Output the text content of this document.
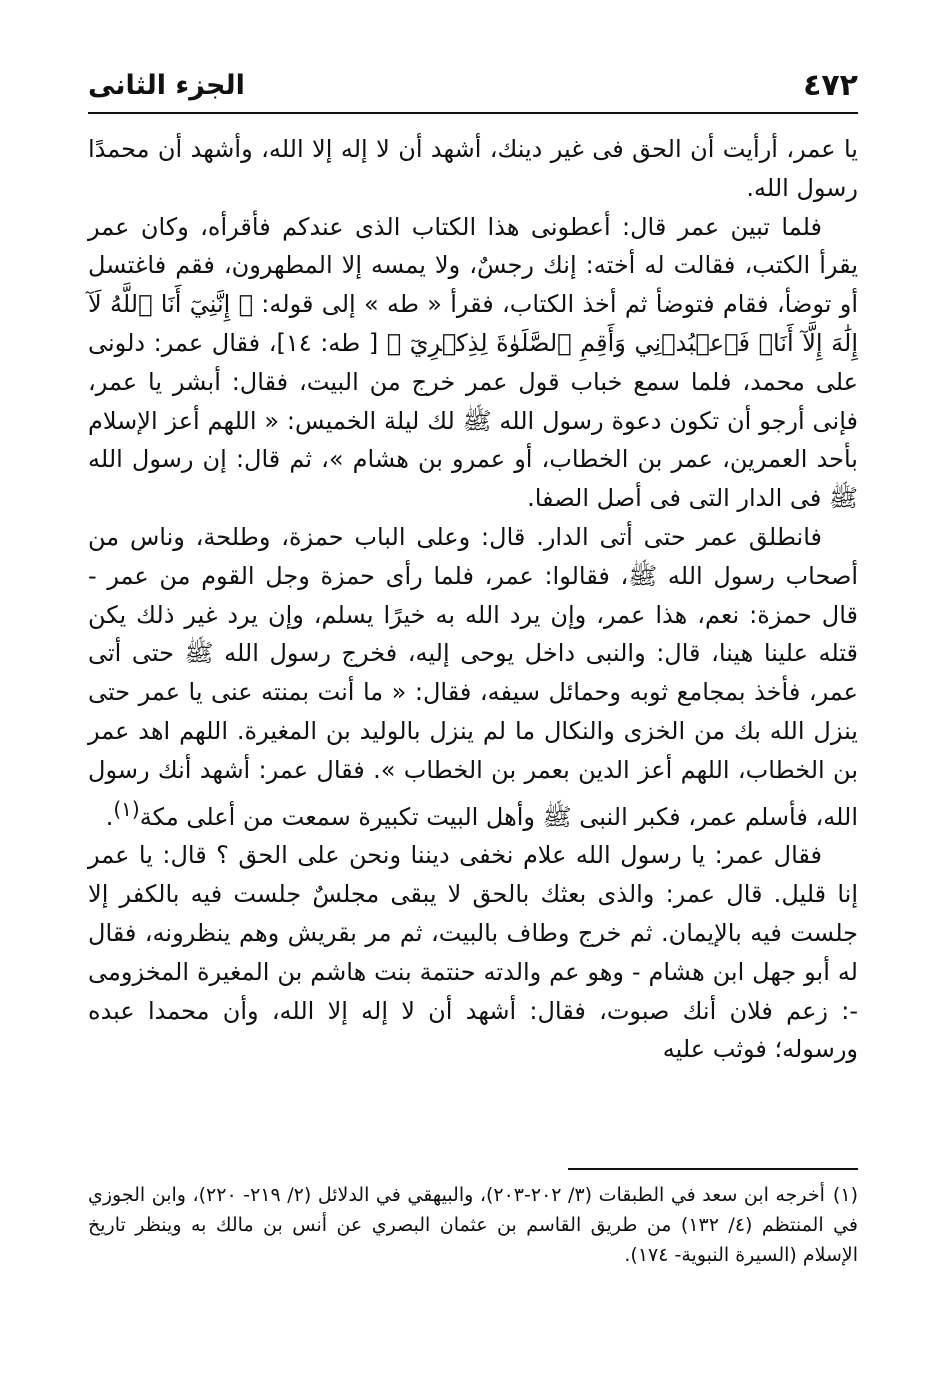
٤٧٢
الجزء الثانى

يا عمر، أرأيت أن الحق فى غير دينك، أشهد أن لا إله إلا الله، وأشهد أن محمدًا رسول الله.

فلما تبين عمر قال: أعطونى هذا الكتاب الذى عندكم فأقرأه، وكان عمر يقرأ الكتب، فقالت له أخته: إنك رجسٌ، ولا يمسه إلا المطهرون، فقم فاغتسل أو توضأ، فقام فتوضأ ثم أخذ الكتاب، فقرأ « طه » إلى قوله: ﴿ إِنَّنِيٓ أَنَا ٱللَّهُ لَآ إِلَٰهَ إِلَّآ أَنَا۠ فَٱعۡبُدۡنِي وَأَقِمِ ٱلصَّلَوٰةَ لِذِكۡرِيٓ ﴾ [ طه: ١٤]، فقال عمر: دلونى على محمد، فلما سمع خباب قول عمر خرج من البيت، فقال: أبشر يا عمر، فإنى أرجو أن تكون دعوة رسول الله ﷺ لك ليلة الخميس: « اللهم أعز الإسلام بأحد العمرين، عمر بن الخطاب، أو عمرو بن هشام »، ثم قال: إن رسول الله ﷺ فى الدار التى فى أصل الصفا.

فانطلق عمر حتى أتى الدار. قال: وعلى الباب حمزة، وطلحة، وناس من أصحاب رسول الله ﷺ، فقالوا: عمر، فلما رأى حمزة وجل القوم من عمر - قال حمزة: نعم، هذا عمر، وإن يرد الله به خيرًا يسلم، وإن يرد غير ذلك يكن قتله علينا هينا، قال: والنبى داخل يوحى إليه، فخرج رسول الله ﷺ حتى أتى عمر، فأخذ بمجامع ثوبه وحمائل سيفه، فقال: « ما أنت بمنته عنى يا عمر حتى ينزل الله بك من الخزى والنكال ما لم ينزل بالوليد بن المغيرة. اللهم اهد عمر بن الخطاب، اللهم أعز الدين بعمر بن الخطاب ». فقال عمر: أشهد أنك رسول الله، فأسلم عمر، فكبر النبى ﷺ وأهل البيت تكبيرة سمعت من أعلى مكة$^{(١)}$.

فقال عمر: يا رسول الله علام نخفى ديننا ونحن على الحق ؟ قال: يا عمر إنا قليل. قال عمر: والذى بعثك بالحق لا يبقى مجلسٌ جلست فيه بالكفر إلا جلست فيه بالإيمان. ثم خرج وطاف بالبيت، ثم مر بقريش وهم ينظرونه، فقال له أبو جهل ابن هشام - وهو عم والدته حنتمة بنت هاشم بن المغيرة المخزومى -: زعم فلان أنك صبوت، فقال: أشهد أن لا إله إلا الله، وأن محمدا عبده ورسوله؛ فوثب عليه

(١)أخرجه ابن سعد في الطبقات (٣/ ٢٠٢-٢٠٣)، والبيهقي في الدلائل (٢/ ٢١٩- ٢٢٠)، وابن الجوزي في المنتظم (٤/ ١٣٢) من طريق القاسم بن عثمان البصري عن أنس بن مالك به وينظر تاريخ الإسلام (السيرة النبوية- ١٧٤).
